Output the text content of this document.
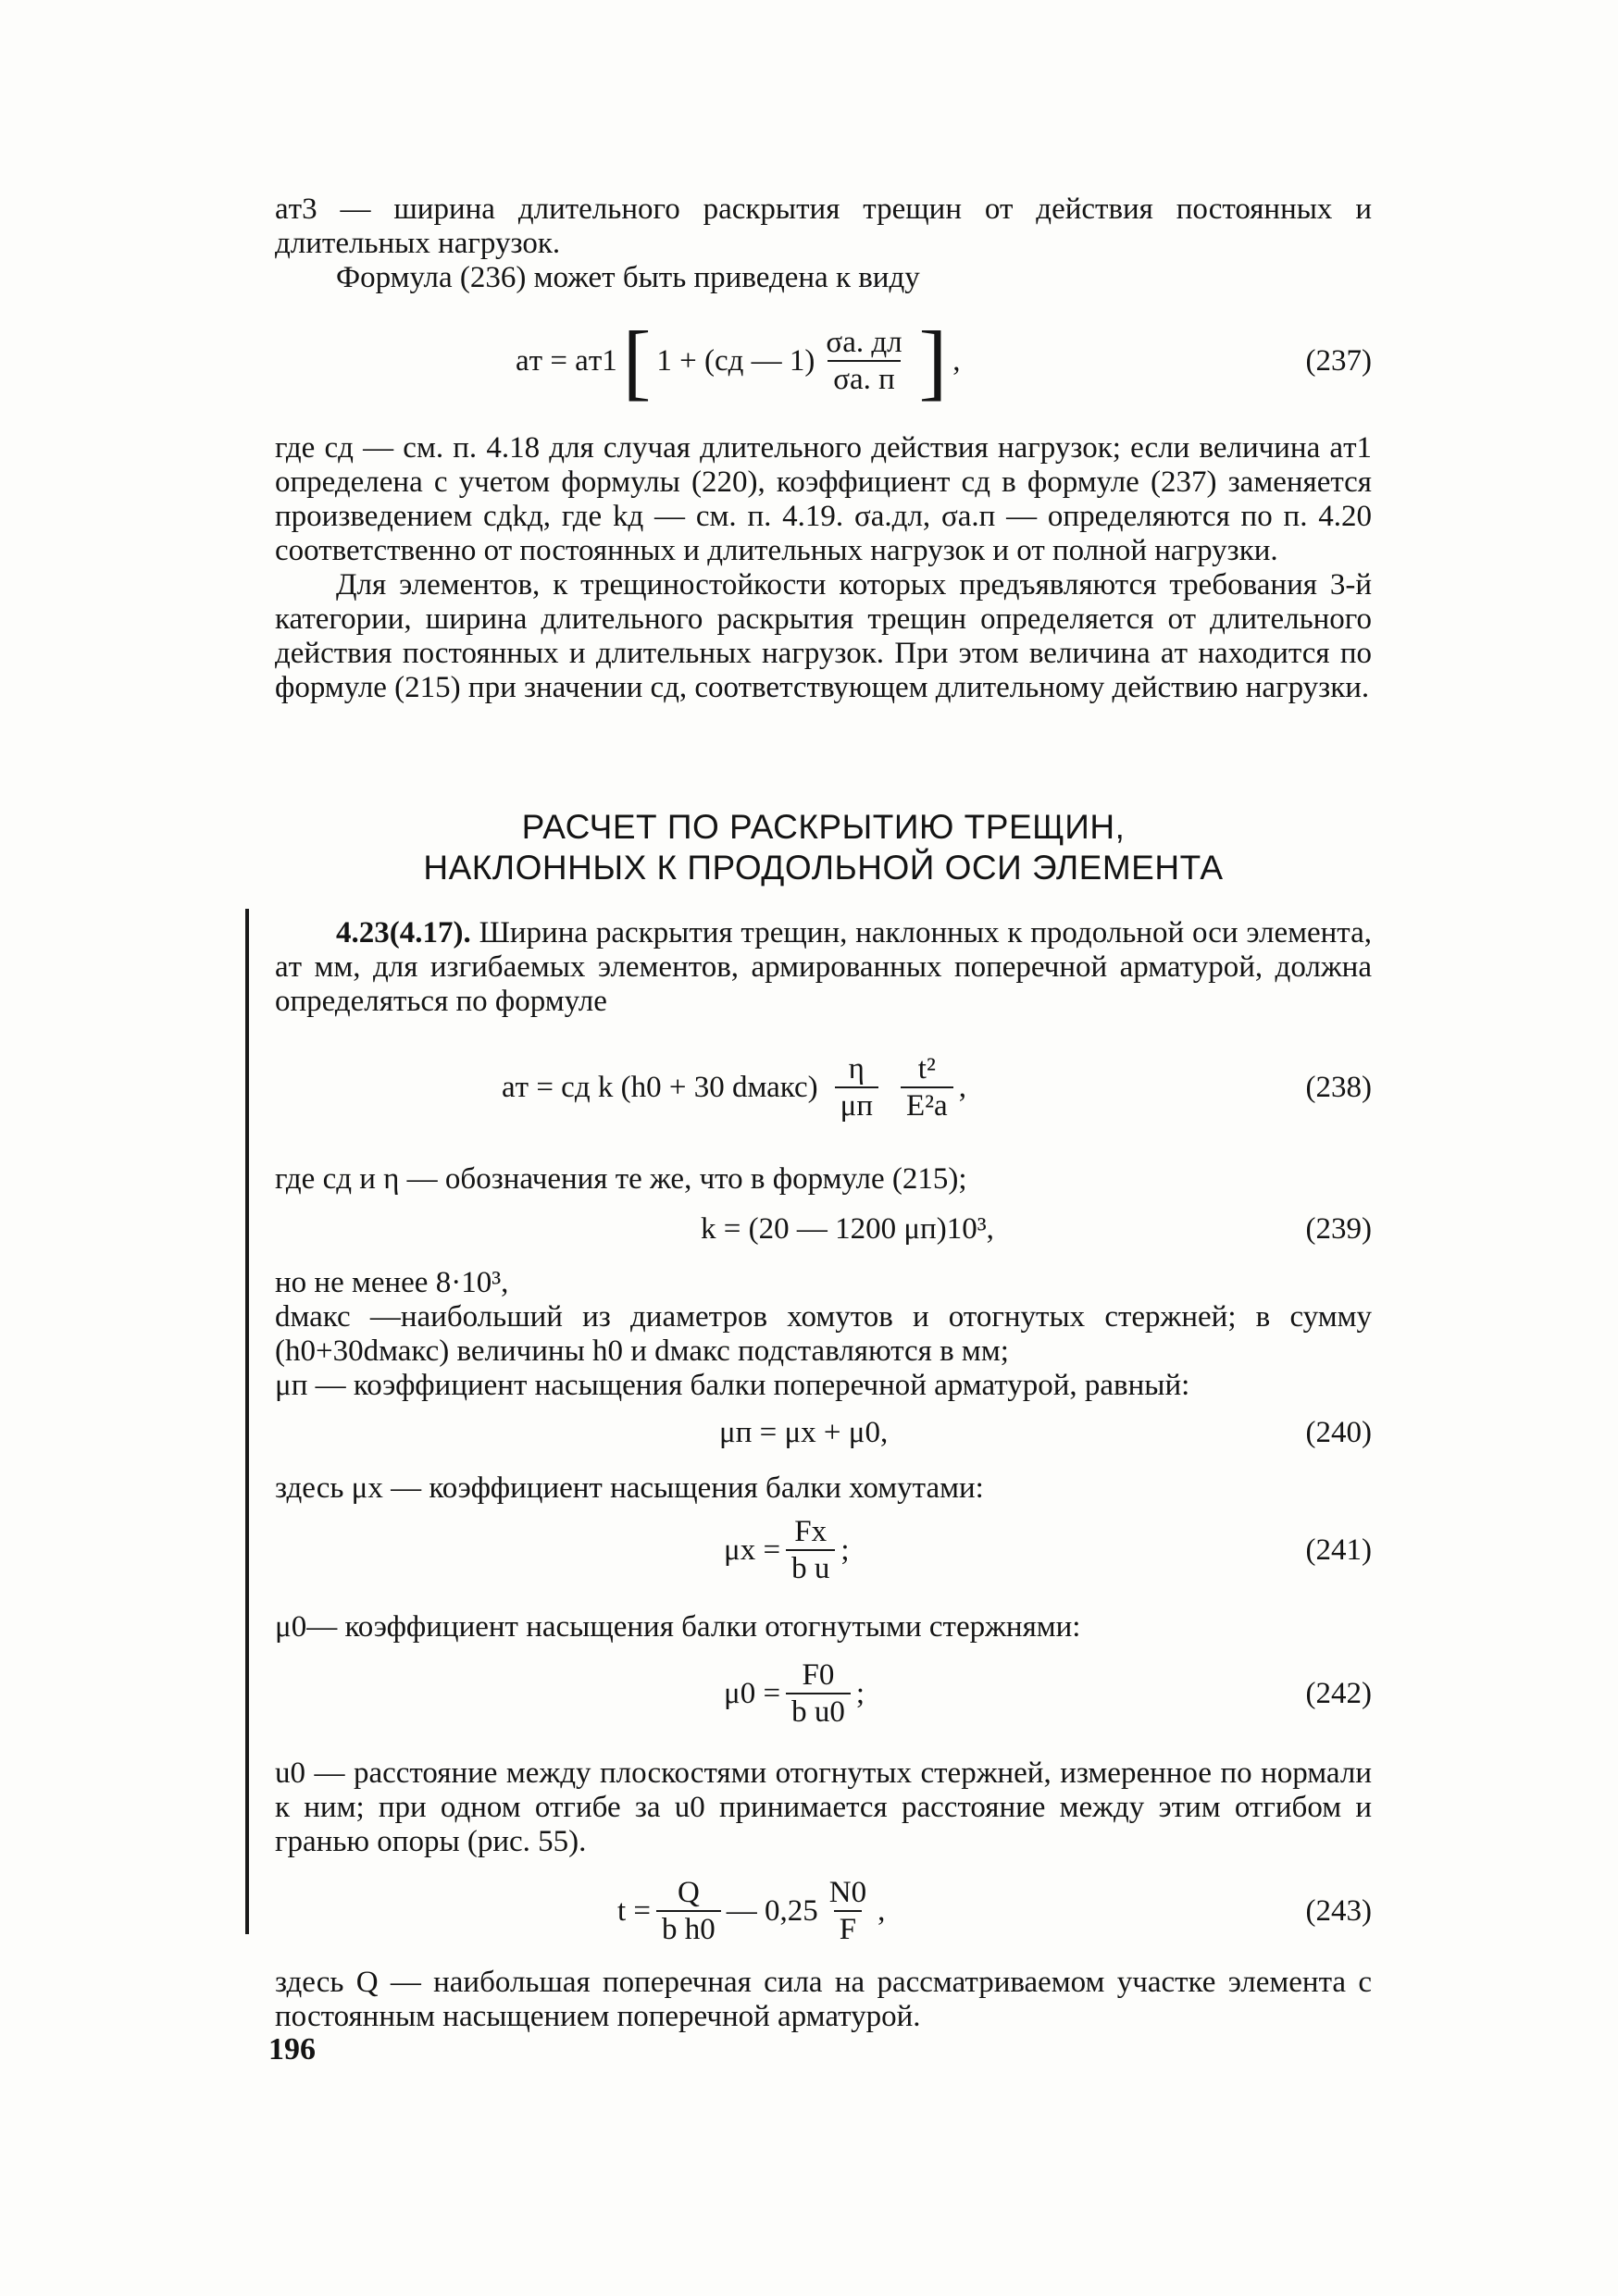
aт3 — ширина длительного раскрытия трещин от действия постоянных и длительных нагрузок.

Формула (236) может быть приведена к виду

aт = aт1 [ 1 + (cд — $1) \frac{\sigma а. дл}{\sigma а. п}$ ] ,	(237)

где cд — см. п. 4.18 для случая длительного действия нагрузок; если величина aт1 определена с учетом формулы (220), коэффициент cд в формуле (237) заменяется произведением cдkд, где kд — см. п. 4.19. σа.дл, σа.п — определяются по п. 4.20 соответственно от постоянных и длительных нагрузок и от полной нагрузки.

Для элементов, к трещиностойкости которых предъявляются требования 3-й категории, ширина длительного раскрытия трещин определяется от длительного действия постоянных и длительных нагрузок. При этом величина aт находится по формуле (215) при значении cд, соответствующем длительному действию нагрузки.

РАСЧЕТ ПО РАСКРЫТИЮ ТРЕЩИН,
НАКЛОННЫХ К ПРОДОЛЬНОЙ ОСИ ЭЛЕМЕНТА

4.23(4.17). Ширина раскрытия трещин, наклонных к продольной оси элемента, aт мм, для изгибаемых элементов, армированных поперечной арматурой, должна определяться по формуле

aт = cд k (h0 + 30 dмакс) $\frac{\eta}{\mu п} \frac{\text{t²}}{\text{E²а}}$ ,	(238)

где cд и η — обозначения те же, что в формуле (215);

k = (20 — 1200 μп)10³,	(239)

но не менее 8·10³,

dмакс —наибольший из диаметров хомутов и отогнутых стержней; в сумму (h0+30dмакс) величины h0 и dмакс подставляются в мм;

μп — коэффициент насыщения балки поперечной арматурой, равный:

μп = μх + μ0,	(240)

здесь μх — коэффициент насыщения балки хомутами:

$\mu х = \frac{Fх}{\text{b u}}$ ;	(241)

μ0— коэффициент насыщения балки отогнутыми стержнями:

$\mu 0 = \frac{F0}{\text{b u0}}$ ;	(242)

u0 — расстояние между плоскостями отогнутых стержней, измеренное по нормали к ним; при одном отгибе за u0 принимается расстояние между этим отгибом и гранью опоры (рис. 55).

$t = \frac{Q}{\text{b h0}}$ — $0,25 \frac{N0}{F}$ ,	(243)

здесь Q — наибольшая поперечная сила на рассматриваемом участке элемента с постоянным насыщением поперечной арматурой.

196
